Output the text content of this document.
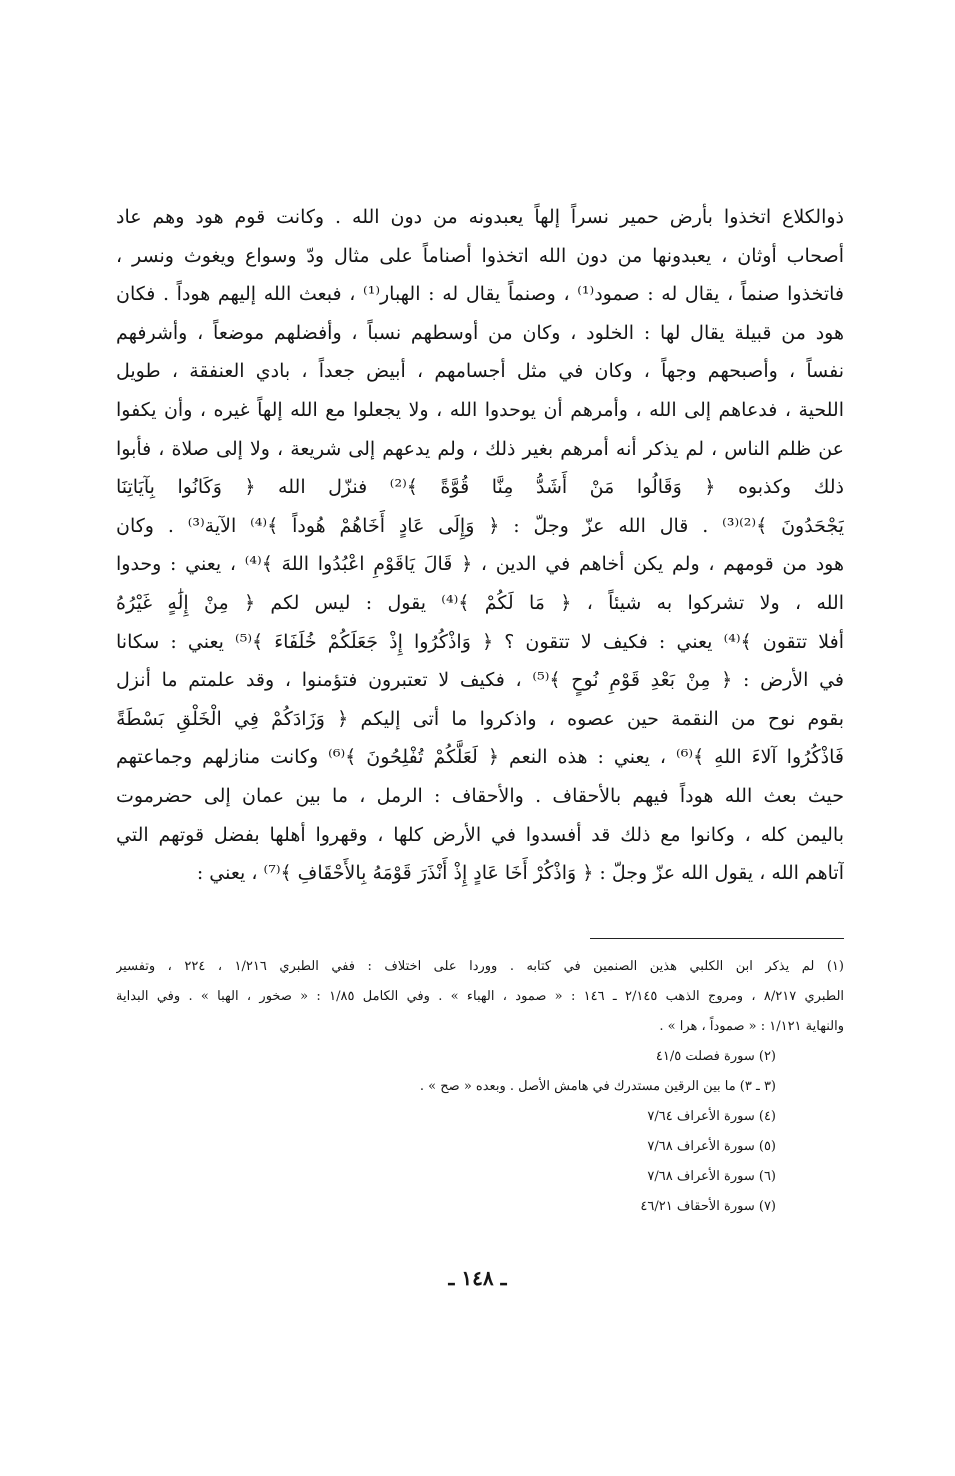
ذوالكلاع اتخذوا بأرض حمير نسراً إلهاً يعبدونه من دون الله . وكانت قوم هود وهم عاد
أصحاب أوثان ، يعبدونها من دون الله اتخذوا أصناماً على مثال ودّ وسواع ويغوث ونسر ،
فاتخذوا صنماً ، يقال له : صمود⁽¹⁾ ، وصنماً يقال له : الهبار⁽¹⁾ ، فبعث الله إليهم هوداً . فكان
هود من قبيلة يقال لها : الخلود ، وكان من أوسطهم نسباً ، وأفضلهم موضعاً ، وأشرفهم
نفساً ، وأصبحهم وجهاً ، وكان في مثل أجسامهم ، أبيض جعداً ، بادي العنفقة ، طويل
اللحية ، فدعاهم إلى الله ، وأمرهم أن يوحدوا الله ، ولا يجعلوا مع الله إلهاً غيره ، وأن يكفوا
عن ظلم الناس ، لم يذكر أنه أمرهم بغير ذلك ، ولم يدعهم إلى شريعة ، ولا إلى صلاة ، فأبوا
ذلك وكذبوه ﴿ وَقَالُوا مَنْ أَشَدُّ مِنَّا قُوَّةً ﴾⁽²⁾ فنزّل الله ﴿ وَكَانُوا بِآيَاتِنَا
يَجْحَدُونَ ﴾⁽²⁾⁽³⁾ . قال الله عزّ وجلّ : ﴿ وَإِلَى عَادٍ أَخَاهُمْ هُوداً ﴾⁽⁴⁾ الآية⁽³⁾ . وكان
هود من قومهم ، ولم يكن أخاهم في الدين ، ﴿ قَالَ يَاقَوْمِ اعْبُدُوا اللهَ ﴾⁽⁴⁾ ، يعني : وحدوا
الله ، ولا تشركوا به شيئاً ، ﴿ مَا لَكُمْ ﴾⁽⁴⁾ يقول : ليس لكم ﴿ مِنْ إِلَٰهٍ غَيْرُهُ
أفلا تتقون ﴾⁽⁴⁾ يعني : فكيف لا تتقون ؟ ﴿ وَاذْكُرُوا إِذْ جَعَلَكُمْ خُلَفَاءَ ﴾⁽⁵⁾ يعني : سكانا
في الأرض : ﴿ مِنْ بَعْدِ قَوْمِ نُوحٍ ﴾⁽⁵⁾ ، فكيف لا تعتبرون فتؤمنوا ، وقد علمتم ما أنزل
بقوم نوح من النقمة حين عصوه ، واذكروا ما أتى إليكم ﴿ وَزَادَكُمْ فِي الْخَلْقِ بَسْطَةً
فَاذْكُرُوا آلاءَ اللهِ ﴾⁽⁶⁾ ، يعني : هذه النعم ﴿ لَعَلَّكُمْ تُفْلِحُونَ ﴾⁽⁶⁾ وكانت منازلهم وجماعتهم
حيث بعث الله هوداً فيهم بالأحقاف . والأحقاف : الرمل ، ما بين عمان إلى حضرموت
باليمن كله ، وكانوا مع ذلك قد أفسدوا في الأرض كلها ، وقهروا أهلها بفضل قوتهم التي
آتاهم الله ، يقول الله عزّ وجلّ : ﴿ وَاذْكُرْ أَخَا عَادٍ إِذْ أَنْذَرَ قَوْمَهُ بِالأَحْقَافِ ﴾⁽⁷⁾ ، يعني :
(١) لم يذكر ابن الكلبي هذين الصنمين في كتابه . ووردا على اختلاف : ففي الطبري ١/٢١٦ ، ٢٢٤ ، وتفسير
الطبري ٨/٢١٧ ، ومروج الذهب ٢/١٤٥ ـ ١٤٦ : « صمود ، الهباء » . وفي الكامل ١/٨٥ : « صخور ، الهبا » . وفي البداية
والنهاية ١/١٢١ : « صموداً ، هرا » .
(٢) سورة فصلت ٤١/٥
(٣ ـ ٣) ما بين الرقين مستدرك في هامش الأصل . وبعده « صح » .
(٤) سورة الأعراف ٧/٦٤
(٥) سورة الأعراف ٧/٦٨
(٦) سورة الأعراف ٧/٦٨
(٧) سورة الأحقاف ٤٦/٢١
ـ ١٤٨ ـ
